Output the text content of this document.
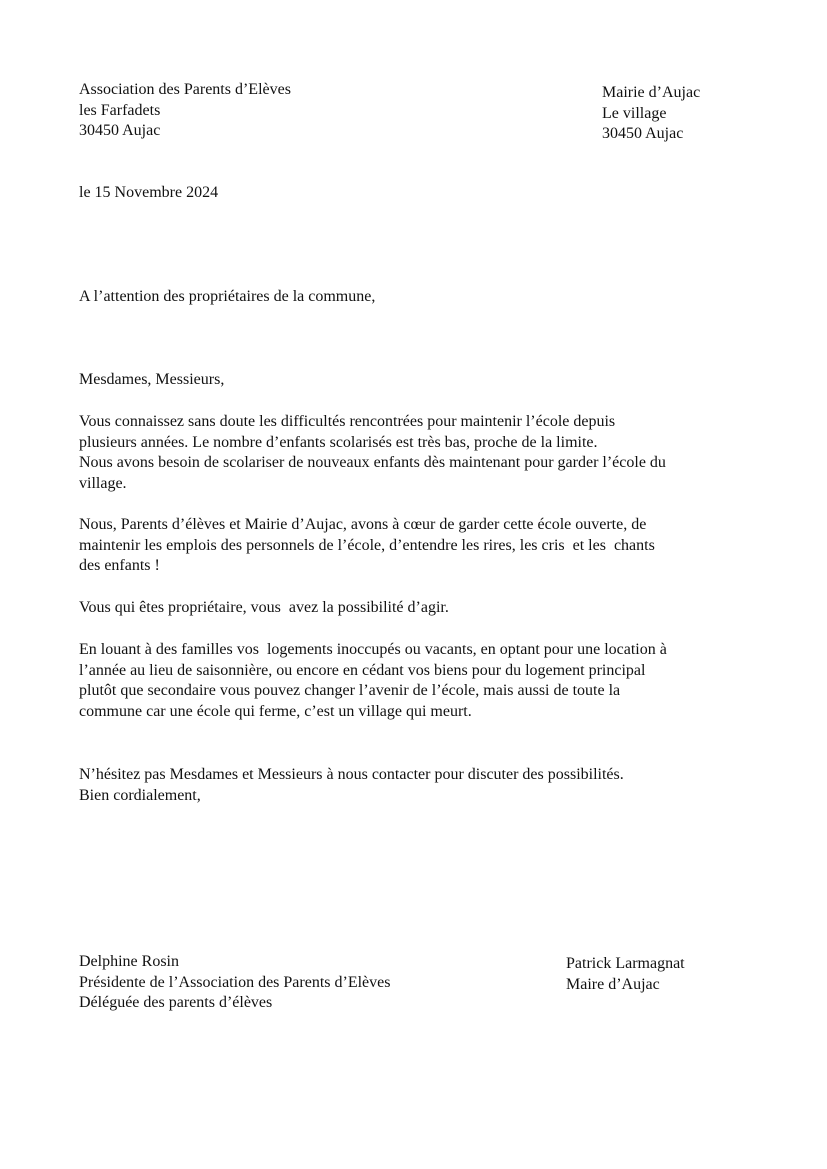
Association des Parents d’Elèves
les Farfadets
30450 Aujac
Mairie d’Aujac
Le village
30450 Aujac
le 15 Novembre 2024
A l’attention des propriétaires de la commune,
Mesdames, Messieurs,
Vous connaissez sans doute les difficultés rencontrées pour maintenir l’école depuis
plusieurs années. Le nombre d’enfants scolarisés est très bas, proche de la limite.
Nous avons besoin de scolariser de nouveaux enfants dès maintenant pour garder l’école du
village.
Nous, Parents d’élèves et Mairie d’Aujac, avons à cœur de garder cette école ouverte, de
maintenir les emplois des personnels de l’école, d’entendre les rires, les cris  et les  chants
des enfants !
Vous qui êtes propriétaire, vous  avez la possibilité d’agir.
En louant à des familles vos  logements inoccupés ou vacants, en optant pour une location à
l’année au lieu de saisonnière, ou encore en cédant vos biens pour du logement principal
plutôt que secondaire vous pouvez changer l’avenir de l’école, mais aussi de toute la
commune car une école qui ferme, c’est un village qui meurt.
N’hésitez pas Mesdames et Messieurs à nous contacter pour discuter des possibilités.
Bien cordialement,
Delphine Rosin
Présidente de l’Association des Parents d’Elèves
Déléguée des parents d’élèves
Patrick Larmagnat
Maire d’Aujac
